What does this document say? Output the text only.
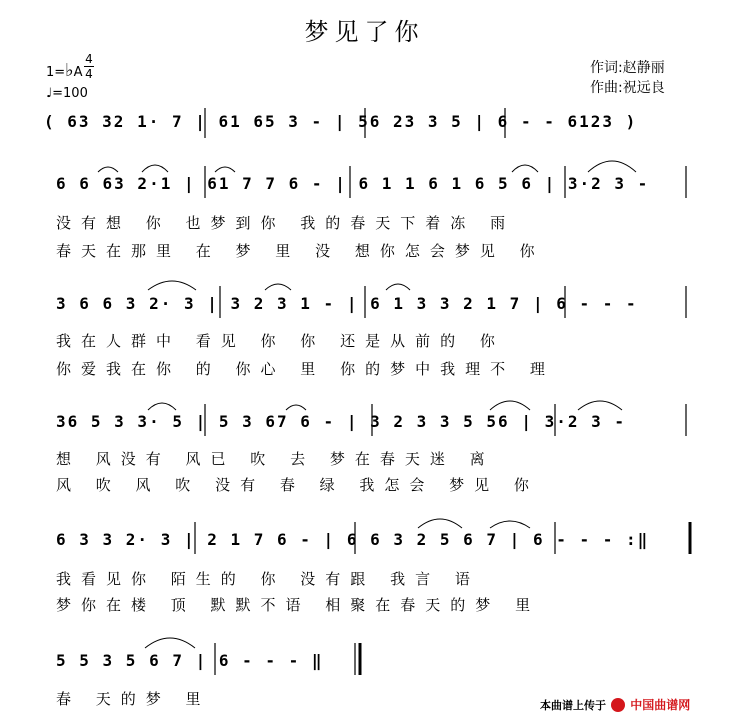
梦见了你
1=♭A
4
4
♩=100
作词:赵静丽
作曲:祝远良
( 63 32 1· 7 | 61 65 3 - | 56 23 3 5 | 6 - - 6123 )
6 6 63 2·1 | 61 7 7 6 - | 6 1 1 6 1 6 5 6 | 3·2 3 -
没有想 你 也梦到你 我的春天下着冻 雨
春天在那里 在 梦 里 没 想你怎会梦见 你
3 6 6 3 2· 3 | 3 2 3 1 - | 6 1 3 3 2 1 7 | 6 - - -
我在人群中 看见 你 你 还是从前的 你
你爱我在你 的 你心 里 你的梦中我理不 理
36 5 3 3· 5 | 5 3 67 6 - | 3 2 3 3 5 56 | 3·2 3 -
想 风没有 风已 吹 去 梦在春天迷 离
风 吹 风 吹 没有 春 绿 我怎会 梦见 你
6 3 3 2· 3 | 2 1 7 6 - | 6 6 3 2 5 6 7 | 6 - - - :‖
我看见你 陌生的 你 没有跟 我言 语
梦你在楼 顶 默默不语 相聚在春天的梦 里
5 5 3 5 6 7 | 6 - - - ‖
春 天的梦 里	本曲谱上传于 中国曲谱网
